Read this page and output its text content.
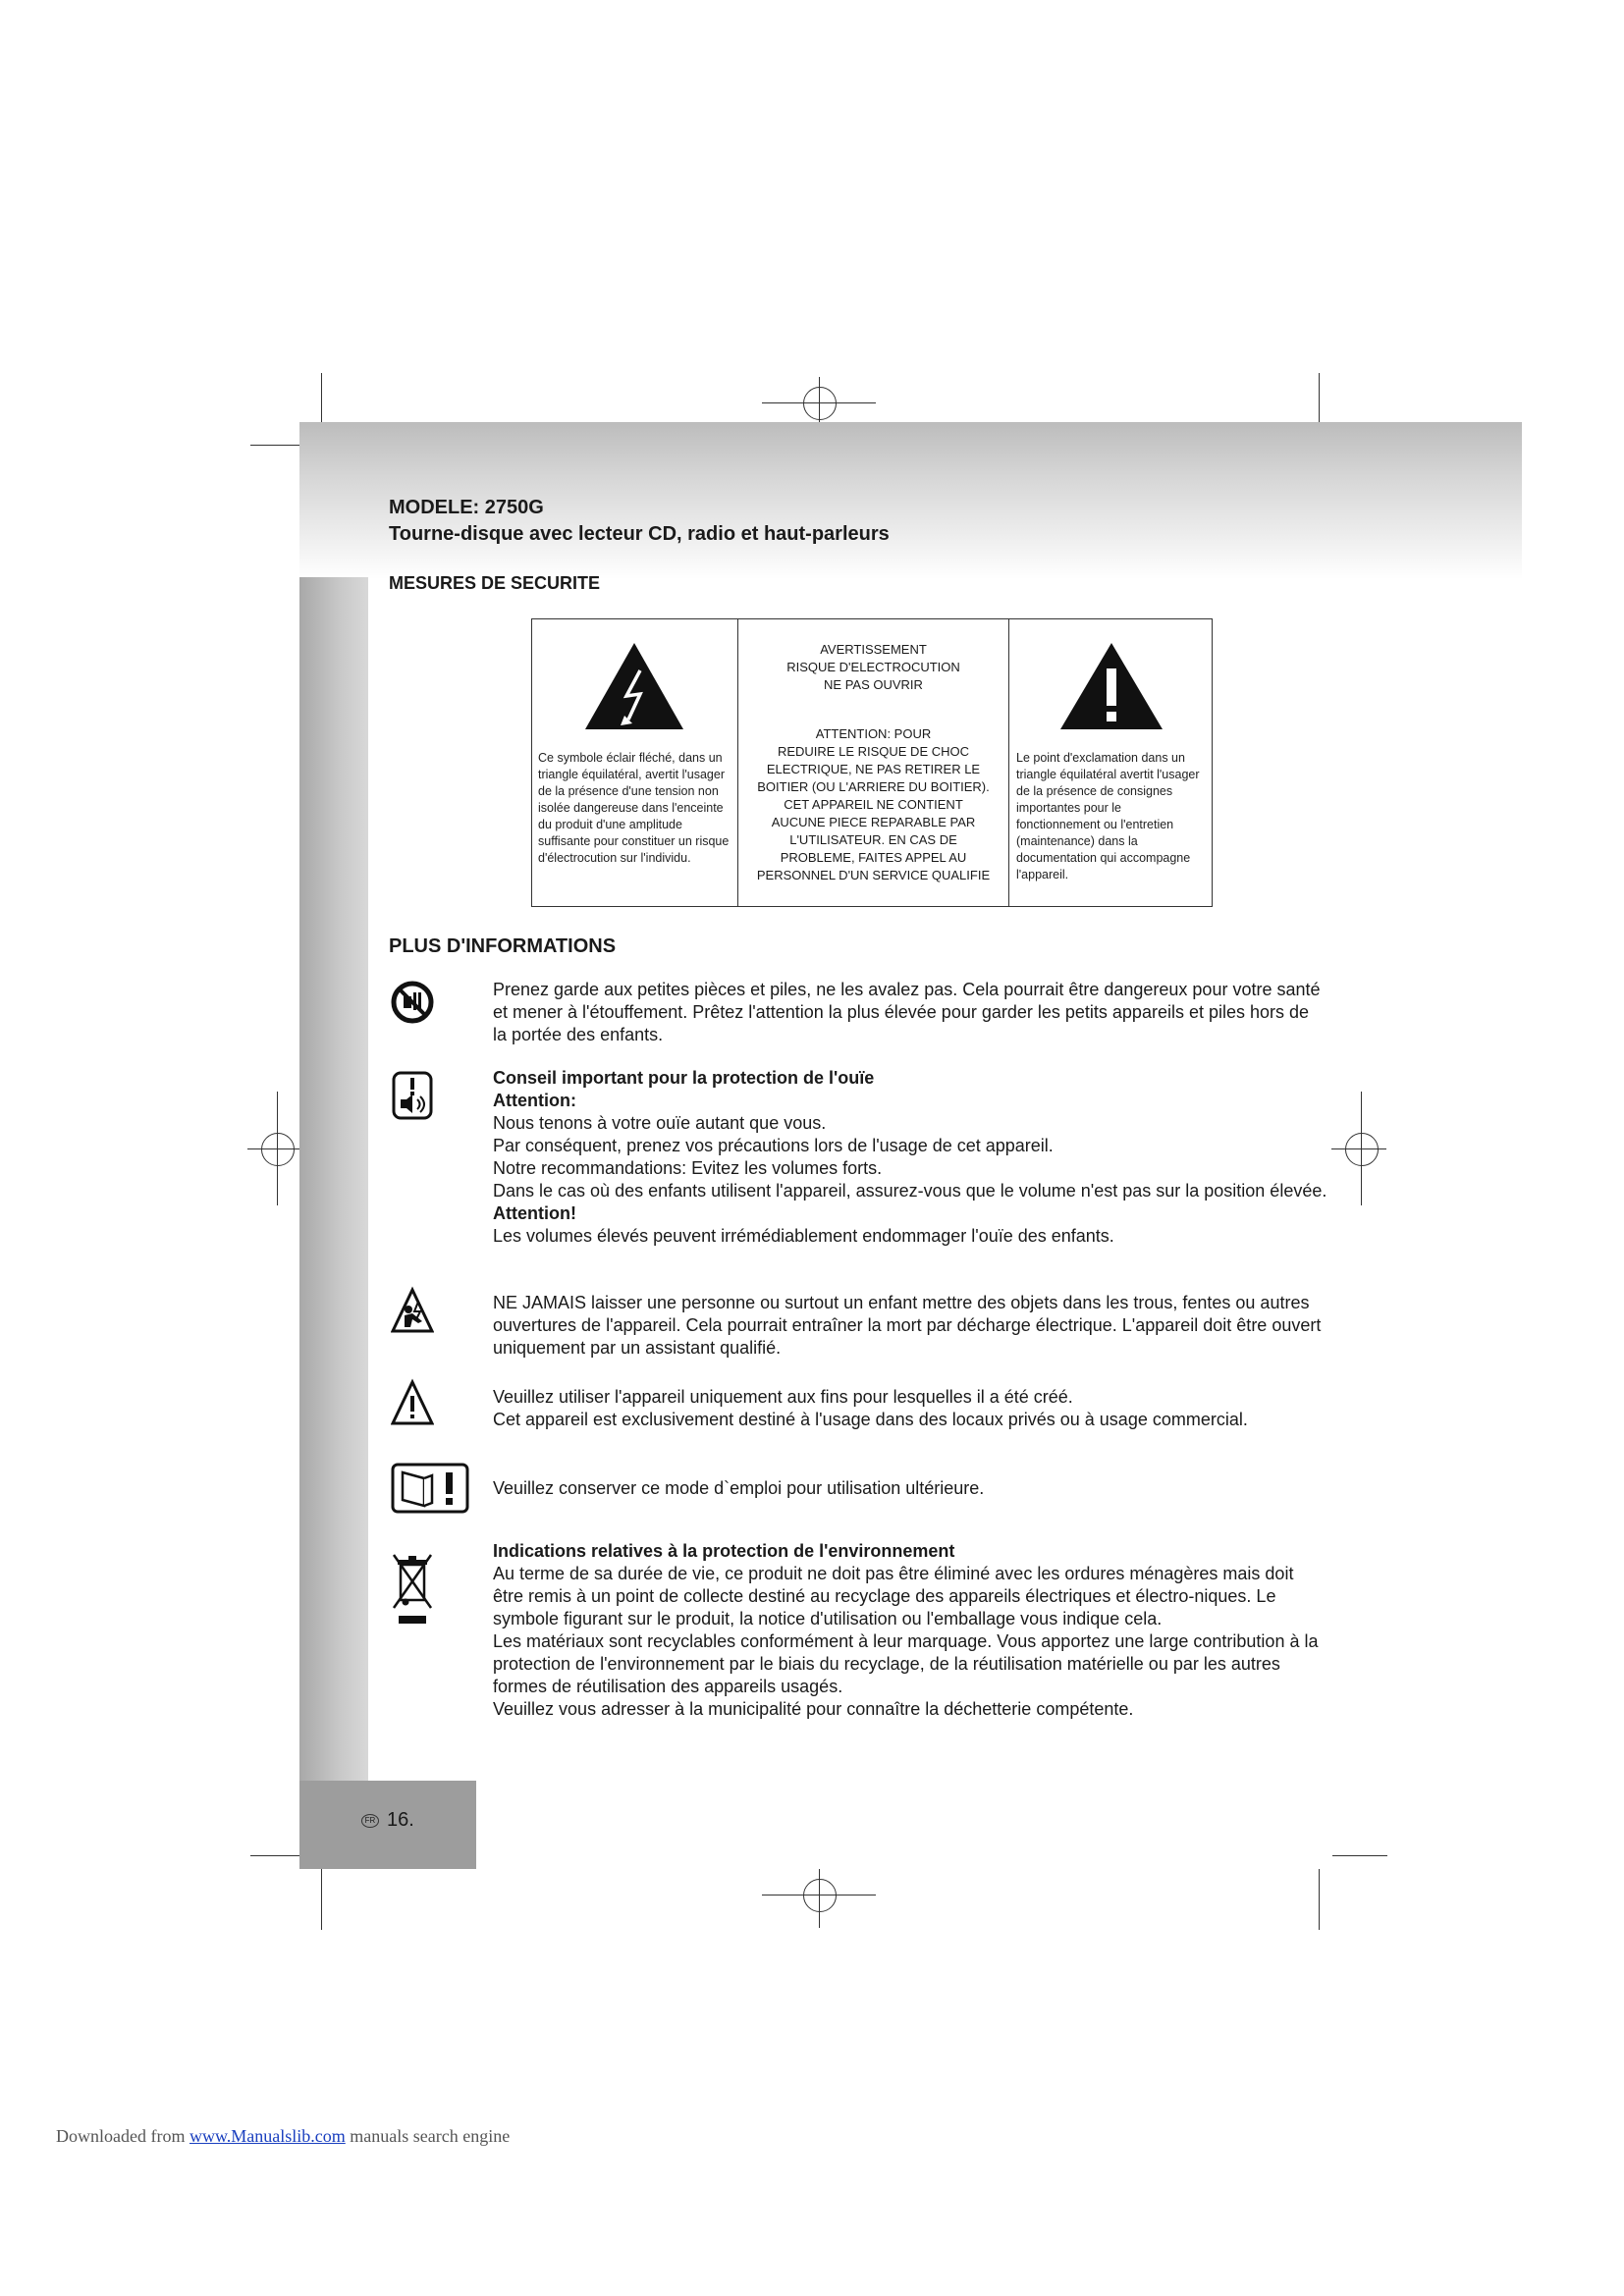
MODELE: 2750G
Tourne-disque avec lecteur CD, radio et haut-parleurs
MESURES DE SECURITE
Ce symbole éclair fléché, dans un triangle équilatéral, avertit l'usager de la présence d'une tension non isolée dangereuse dans l'enceinte du produit d'une amplitude suffisante pour constituer un risque d'électrocution sur l'individu.
AVERTISSEMENT
RISQUE D'ELECTROCUTION
NE PAS OUVRIR
ATTENTION: POUR
REDUIRE LE RISQUE DE CHOC
ELECTRIQUE, NE PAS RETIRER LE
BOITIER (OU L'ARRIERE DU BOITIER).
CET APPAREIL NE CONTIENT
AUCUNE PIECE REPARABLE PAR
L'UTILISATEUR. EN CAS DE
PROBLEME, FAITES APPEL AU
PERSONNEL D'UN SERVICE QUALIFIE
Le point d'exclamation dans un triangle équilatéral avertit l'usager de la présence de consignes importantes pour le fonctionnement ou l'entretien (maintenance) dans la documentation qui accompagne l'appareil.
PLUS D'INFORMATIONS

Prenez garde aux petites pièces et piles, ne les avalez pas. Cela pourrait être dangereux pour votre santé et mener à l'étouffement. Prêtez l'attention la plus élevée pour garder les petits appareils et piles hors de la portée des enfants.

Conseil important pour la protection de l'ouïe

Attention:

Nous tenons à votre ouïe autant que vous.

Par conséquent, prenez vos précautions lors de l'usage de cet appareil.

Notre recommandations: Evitez les volumes forts.

Dans le cas où des enfants utilisent l'appareil, assurez-vous que le volume n'est pas sur la position élevée.

Attention!

Les volumes élevés peuvent irrémédiablement endommager l'ouïe des enfants.

NE JAMAIS laisser une personne ou surtout un enfant mettre des objets dans les trous, fentes ou autres ouvertures de l'appareil. Cela pourrait entraîner la mort par décharge électrique. L'appareil doit être ouvert uniquement par un assistant qualifié.

Veuillez utiliser l'appareil uniquement aux fins pour lesquelles il a été créé.

Cet appareil est exclusivement destiné à l'usage dans des locaux privés ou à usage commercial.

Veuillez conserver ce mode d`emploi pour utilisation ultérieure.

Indications relatives à la protection de l'environnement

Au terme de sa durée de vie, ce produit ne doit pas être éliminé avec les ordures ménagères mais doit être remis à un point de collecte destiné au recyclage des appareils électriques et électro-niques. Le symbole figurant sur le produit, la notice d'utilisation ou l'emballage vous indique cela.

Les matériaux sont recyclables conformément à leur marquage. Vous apportez une large contribution à la protection de l'environnement par le biais du recyclage, de la réutilisation matérielle ou par les autres formes de réutilisation des appareils usagés.

Veuillez vous adresser à la municipalité pour connaître la déchetterie compétente.

FR 16.
Downloaded from www.Manualslib.com manuals search engine
